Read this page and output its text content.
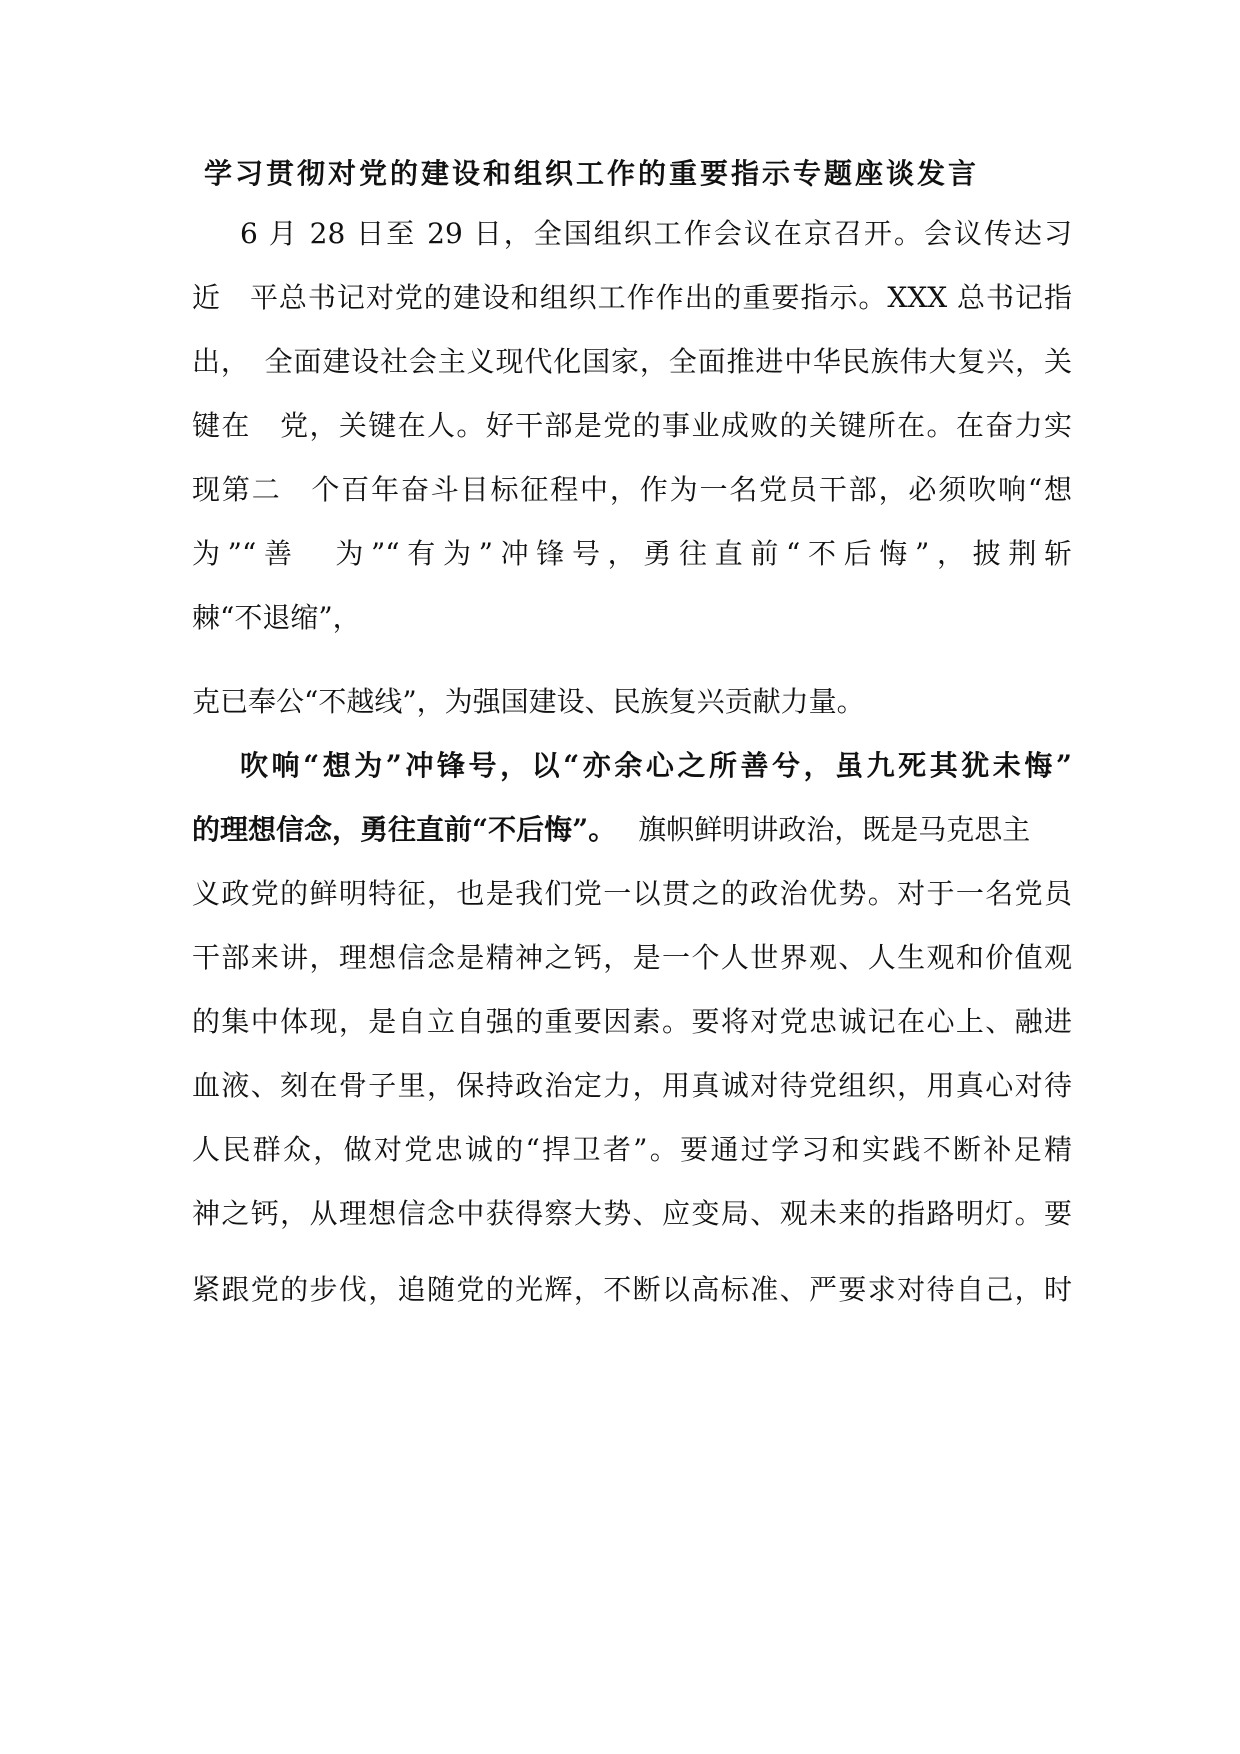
学习贯彻对党的建设和组织工作的重要指示专题座谈发言
6 月 28 日至 29 日，全国组织工作会议在京召开。会议传达习
近　平总书记对党的建设和组织工作作出的重要指示。XXX 总书记指
出，　全面建设社会主义现代化国家，全面推进中华民族伟大复兴，关
键在　党，关键在人。好干部是党的事业成败的关键所在。在奋力实
现第二　个百年奋斗目标征程中，作为一名党员干部，必须吹响“想
为”“善　为”“有为”冲锋号，勇往直前“不后悔”，披荆斩
棘“不退缩”，
克已奉公“不越线”，为强国建设、民族复兴贡献力量。
吹响“想为”冲锋号，以“亦余心之所善兮，虽九死其犹未悔”
的理想信念，勇往直前“不后悔”。 旗帜鲜明讲政治，既是马克思主
义政党的鲜明特征，也是我们党一以贯之的政治优势。对于一名党员
干部来讲，理想信念是精神之钙，是一个人世界观、人生观和价值观
的集中体现，是自立自强的重要因素。要将对党忠诚记在心上、融进
血液、刻在骨子里，保持政治定力，用真诚对待党组织，用真心对待
人民群众，做对党忠诚的“捍卫者”。要通过学习和实践不断补足精
神之钙，从理想信念中获得察大势、应变局、观未来的指路明灯。要
紧跟党的步伐，追随党的光辉，不断以高标准、严要求对待自己，时
